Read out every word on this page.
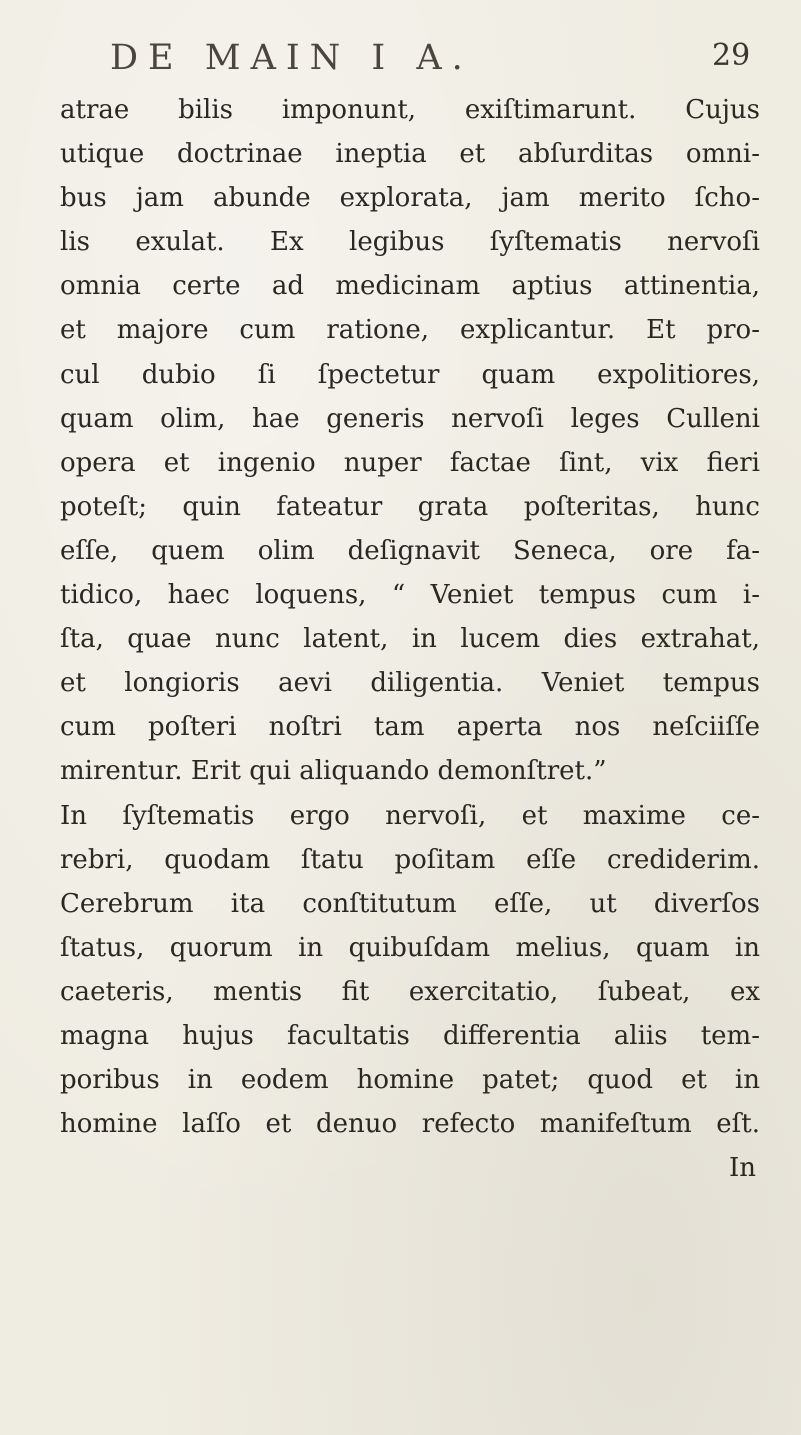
DE MAIN I A.	29
atrae bilis imponunt, exiſtimarunt. Cujus
utique doctrinae ineptia et abſurditas omni-
bus jam abunde explorata, jam merito ſcho-
lis exulat. Ex legibus ſyſtematis nervoſi
omnia certe ad medicinam aptius attinentia,
et majore cum ratione, explicantur. Et pro-
cul dubio ſi ſpectetur quam expolitiores,
quam olim, hae generis nervoſi leges Culleni
opera et ingenio nuper factae ſint, vix fieri
poteſt; quin fateatur grata poſteritas, hunc
eſſe, quem olim deſignavit Seneca, ore fa-
tidico, haec loquens, “ Veniet tempus cum i-
ſta, quae nunc latent, in lucem dies extrahat,
et longioris aevi diligentia. Veniet tempus
cum poſteri noſtri tam aperta nos neſciiſſe
mirentur. Erit qui aliquando demonſtret.”
In ſyſtematis ergo nervoſi, et maxime ce-
rebri, quodam ſtatu poſitam eſſe crediderim.
Cerebrum ita conſtitutum eſſe, ut diverſos
ſtatus, quorum in quibuſdam melius, quam in
caeteris, mentis fit exercitatio, ſubeat, ex
magna hujus facultatis differentia aliis tem-
poribus in eodem homine patet; quod et in
homine laſſo et denuo refecto manifeſtum eſt.
In
